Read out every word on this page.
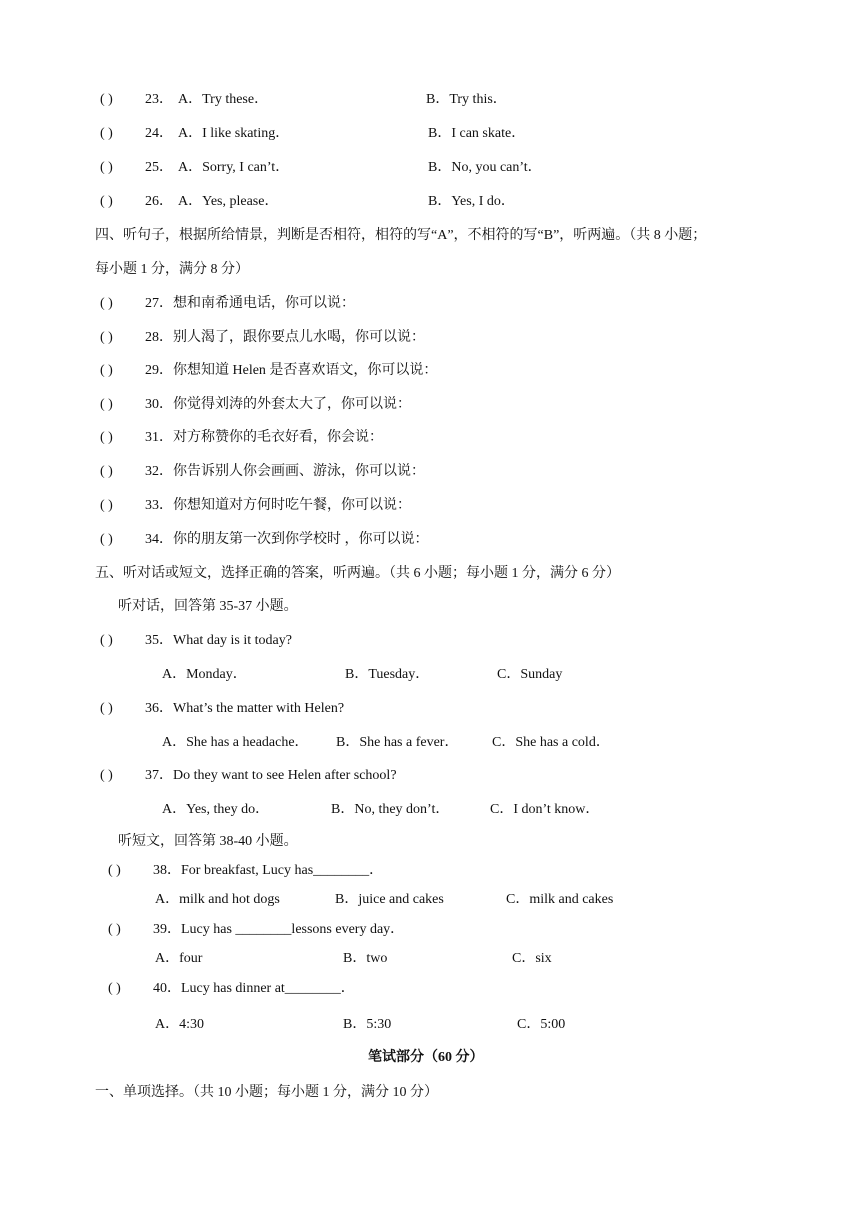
( ) 23． A．Try these．	B．Try this．
( ) 24． A．I like skating．	B．I can skate．
( ) 25． A．Sorry, I can’t．	B．No, you can’t．
( ) 26． A．Yes, please．	B．Yes, I do．
四、听句子，根据所给情景，判断是否相符，相符的写“A”，不相符的写“B”，听两遍。（共 8 小题；
每小题 1 分，满分 8 分）
( ) 27．想和南希通电话，你可以说：
( ) 28．别人渴了，跟你要点儿水喝，你可以说：
( ) 29．你想知道 Helen 是否喜欢语文，你可以说：
( ) 30．你觉得刘涛的外套太大了，你可以说：
( ) 31．对方称赞你的毛衣好看，你会说：
( ) 32．你告诉别人你会画画、游泳，你可以说：
( ) 33．你想知道对方何时吃午餐，你可以说：
( ) 34．你的朋友第一次到你学校时 ，你可以说：
五、听对话或短文，选择正确的答案，听两遍。（共 6 小题；每小题 1 分，满分 6 分）
听对话，回答第 35-37 小题。
( ) 35．What day is it today?
A．Monday．	B．Tuesday．	C．Sunday
( ) 36．What’s the matter with Helen?
A．She has a headache． B．She has a fever． C．She has a cold．
( ) 37．Do they want to see Helen after school?
A．Yes, they do．	B．No, they don’t．	C．I don’t know．
听短文，回答第 38-40 小题。
( ) 38．For breakfast, Lucy has________．
A．milk and hot dogs	B．juice and cakes	C．milk and cakes
( ) 39．Lucy has ________lessons every day．
A．four	B．two	C．six
( ) 40．Lucy has dinner at________．
A．4:30	B．5:30	C．5:00
笔试部分（60 分）
一、单项选择。（共 10 小题；每小题 1 分，满分 10 分）
